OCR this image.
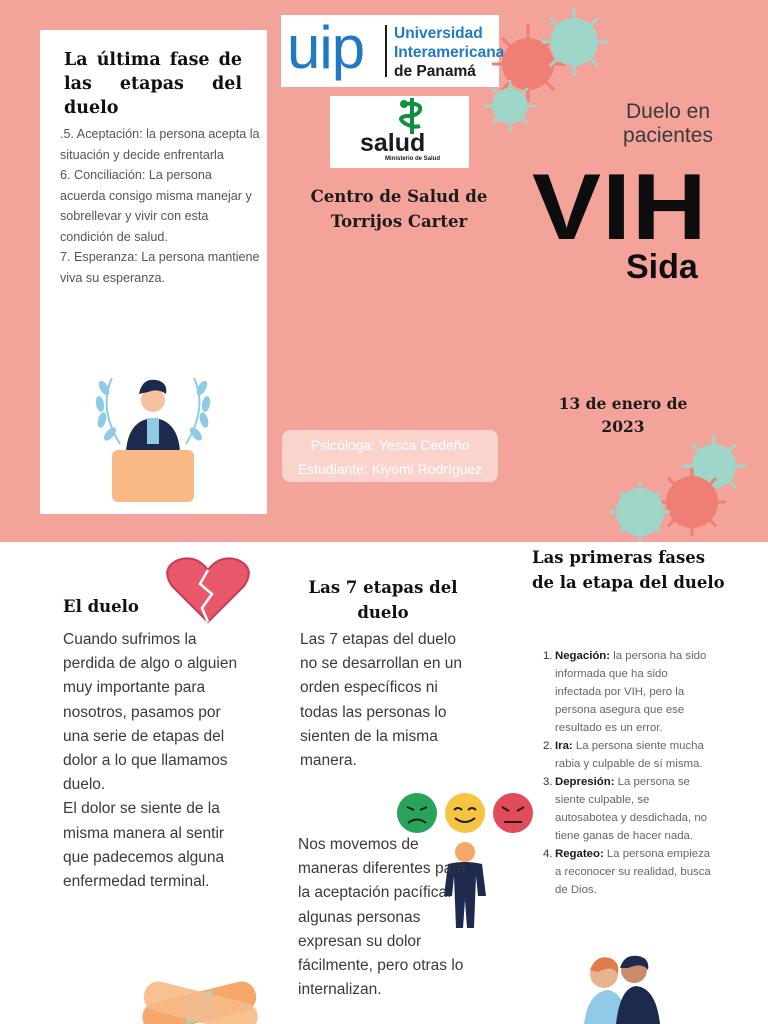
La última fase de las etapas del duelo

.5. Aceptación: la persona acepta la situación y decide enfrentarla

6. Conciliación: La persona acuerda consigo misma manejar y sobrellevar y vivir con esta condición de salud.

7. Esperanza: La persona mantiene viva su esperanza.

uip Universidad
Interamericana
de Panamá
salud
Ministerio de Salud
Centro de Salud de Torrijos Carter
Psicóloga: Yesca Cedeño
Estudiante: Kiyomi Rodríguez
Duelo en
pacientes
VIH
Sida
13 de enero de 2023
El duelo
Cuando sufrimos la perdida de algo o alguien muy importante para nosotros, pasamos por una serie de etapas del dolor a lo que llamamos duelo.
El dolor se siente de la misma manera al sentir que padecemos alguna enfermedad terminal.
Las 7 etapas del duelo
Las 7 etapas del duelo no se desarrollan en un orden específicos ni todas las personas lo sienten de la misma manera.
Nos movemos de maneras diferentes para la aceptación pacífica.
algunas personas expresan su dolor fácilmente, pero otras lo internalizan.
Las primeras fases de la etapa del duelo
1. Negación: la persona ha sido informada que ha sido infectada por VIH, pero la persona asegura que ese resultado es un error.
2. Ira: La persona siente mucha rabia y culpable de sí misma.
3. Depresión: La persona se siente culpable, se autosabotea y desdichada, no tiene ganas de hacer nada.
4. Regateo: La persona empieza a reconocer su realidad, busca de Dios.
